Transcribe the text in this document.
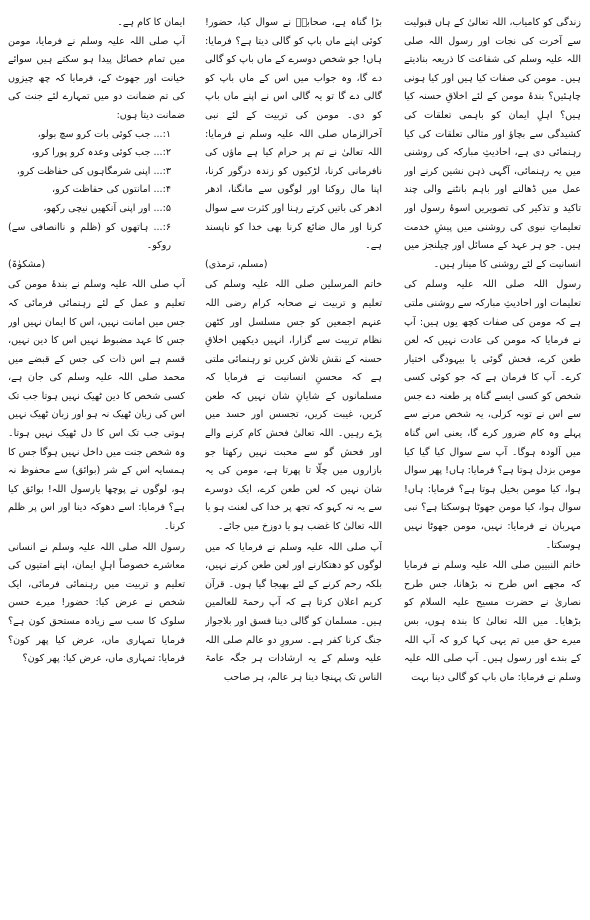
زندگی کو کامیاب، اللہ تعالیٰ کے ہاں قبولیت سے آخرت کی نجات اور رسول اللہ صلی اللہ علیہ وسلم کی شفاعت کا ذریعہ بنادیتے ہیں۔ مومن کی صفات کیا ہیں اور کیا ہونی چاہئیں؟ بندۂ مومن کے لئے اخلاقِ حسنہ کیا ہیں؟ اہلِ ایمان کو باہمی تعلقات کی کشیدگی سے بچاؤ اور مثالی تعلقات کی کیا رہنمائی دی ہے، احادیثِ مبارکہ کی روشنی میں یہ رہنمائی، آگہی ذہن نشین کرنے اور عمل میں ڈھالنے اور باہم بانٹنے والی چند تاکید و تذکیر کی تصویریں اسوۂ رسول اور تعلیماتِ نبوی کی روشنی میں پیشِ خدمت ہیں۔ جو ہر عہد کے مسائل اور چیلنجز میں انسانیت کے لئے روشنی کا مینار ہیں۔

رسول اللہ صلی اللہ علیہ وسلم کی تعلیمات اور احادیثِ مبارکہ سے روشنی ملتی ہے کہ مومن کی صفات کچھ یوں ہیں: آپ نے فرمایا کہ مومن کی عادت نہیں کہ لعن طعن کرے، فحش گوئی یا بیہودگی اختیار کرے۔ آپ کا فرمان ہے کہ جو کوئی کسی شخص کو کسی ایسے گناہ پر طعنہ دے جس سے اس نے توبہ کرلی، یہ شخص مرنے سے پہلے وہ کام ضرور کرے گا، یعنی اس گناہ میں آلودہ ہوگا۔ آپ سے سوال کیا گیا کیا مومن بزدل ہوتا ہے؟ فرمایا: ہاں! پھر سوال ہوا، کیا مومن بخیل ہوتا ہے؟ فرمایا: ہاں! سوال ہوا، کیا مومن جھوٹا ہوسکتا ہے؟ نبی مہربان نے فرمایا: نہیں، مومن جھوٹا نہیں ہوسکتا۔

خاتم النبیین صلی اللہ علیہ وسلم نے فرمایا کہ مجھے اس طرح نہ بڑھانا، جس طرح نصاریٰ نے حضرت مسیح علیہ السلام کو بڑھایا۔ میں اللہ تعالیٰ کا بندہ ہوں، بس میرے حق میں تم یہی کہا کرو کہ آپ اللہ کے بندے اور رسول ہیں۔ آپ صلی اللہ علیہ وسلم نے فرمایا: ماں باپ کو گالی دینا بہت

بڑا گناہ ہے، صحابہؓ نے سوال کیا، حضور! کوئی اپنے ماں باپ کو گالی دیتا ہے؟ فرمایا: ہاں! جو شخص دوسرے کے ماں باپ کو گالی دے گا، وہ جواب میں اس کے ماں باپ کو گالی دے گا تو یہ گالی اس نے اپنے ماں باپ کو دی۔ مومن کی تربیت کے لئے نبی آخرالزماں صلی اللہ علیہ وسلم نے فرمایا: اللہ تعالیٰ نے تم پر حرام کیا ہے ماؤں کی نافرمانی کرنا، لڑکیوں کو زندہ درگور کرنا، اپنا مال روکنا اور لوگوں سے مانگنا، ادھر ادھر کی باتیں کرتے رہنا اور کثرت سے سوال کرنا اور مال ضائع کرنا بھی خدا کو ناپسند ہے۔

(مسلم، ترمذی)

خاتم المرسلین صلی اللہ علیہ وسلم کی تعلیم و تربیت نے صحابہ کرام رضی اللہ عنہم اجمعین کو جس مسلسل اور کٹھن نظام تربیت سے گزارا، انہیں دیکھیں اخلاقِ حسنہ کے نقش تلاش کریں تو رہنمائی ملتی ہے کہ محسنِ انسانیت نے فرمایا کہ مسلمانوں کے شایانِ شان نہیں کہ طعن کریں، غیبت کریں، تجسس اور حسد میں پڑے رہیں۔ اللہ تعالیٰ فحش کام کرنے والے اور فحش گو سے محبت نہیں رکھتا جو بازاروں میں چلّا تا پھرتا ہے، مومن کی یہ شان نہیں کہ لعن طعن کرے، ایک دوسرے سے یہ نہ کہو کہ تجھ پر خدا کی لعنت ہو یا اللہ تعالیٰ کا غضب ہو یا دوزخ میں جائے۔

آپ صلی اللہ علیہ وسلم نے فرمایا کہ میں لوگوں کو دھتکارنے اور لعن طعن کرنے نہیں، بلکہ رحم کرنے کے لئے بھیجا گیا ہوں۔ قرآن کریم اعلان کرتا ہے کہ آپ رحمۃ للعالمین ہیں۔ مسلمان کو گالی دینا فسق اور بلاجواز جنگ کرنا کفر ہے۔ سرورِ دو عالم صلی اللہ علیہ وسلم کے یہ ارشادات ہر جگہ عامۃ الناس تک پہنچا دینا ہر عالم، ہر صاحب

ایمان کا کام ہے۔

آپ صلی اللہ علیہ وسلم نے فرمایا، مومن میں تمام خصائل پیدا ہو سکتے ہیں سوائے خیانت اور جھوٹ کے، فرمایا کہ چھ چیزوں کی تم ضمانت دو میں تمہارے لئے جنت کی ضمانت دیتا ہوں:

۱:... جب کوئی بات کرو سچ بولو،

۲:... جب کوئی وعدہ کرو پورا کرو،

۳:... اپنی شرمگاہوں کی حفاظت کرو،

۴:... امانتوں کی حفاظت کرو،

۵:... اور اپنی آنکھیں نیچی رکھو،

۶:... ہاتھوں کو (ظلم و ناانصافی سے) روکو۔

(مشکوٰۃ)

آپ صلی اللہ علیہ وسلم نے بندۂ مومن کی تعلیم و عمل کے لئے رہنمائی فرمائی کہ جس میں امانت نہیں، اس کا ایمان نہیں اور جس کا عہد مضبوط نہیں اس کا دین نہیں، قسم ہے اس ذات کی جس کے قبضے میں محمد صلی اللہ علیہ وسلم کی جان ہے، کسی شخص کا دین ٹھیک نہیں ہوتا جب تک اس کی زبان ٹھیک نہ ہو اور زبان ٹھیک نہیں ہوتی جب تک اس کا دل ٹھیک نہیں ہوتا۔ وہ شخص جنت میں داخل نہیں ہوگا جس کا ہمسایہ اس کے شر (بوائق) سے محفوظ نہ ہو، لوگوں نے پوچھا یارسول اللہ! بوائق کیا ہے؟ فرمایا: اسے دھوکہ دینا اور اس پر ظلم کرنا۔

رسول اللہ صلی اللہ علیہ وسلم نے انسانی معاشرے خصوصاً اہلِ ایمان، اپنے امتیوں کی تعلیم و تربیت میں رہنمائی فرمائی، ایک شخص نے عرض کیا: حضور! میرے حسن سلوک کا سب سے زیادہ مستحق کون ہے؟ فرمایا تمہاری ماں، عرض کیا پھر کون؟ فرمایا: تمہاری ماں، عرض کیا: پھر کون؟
